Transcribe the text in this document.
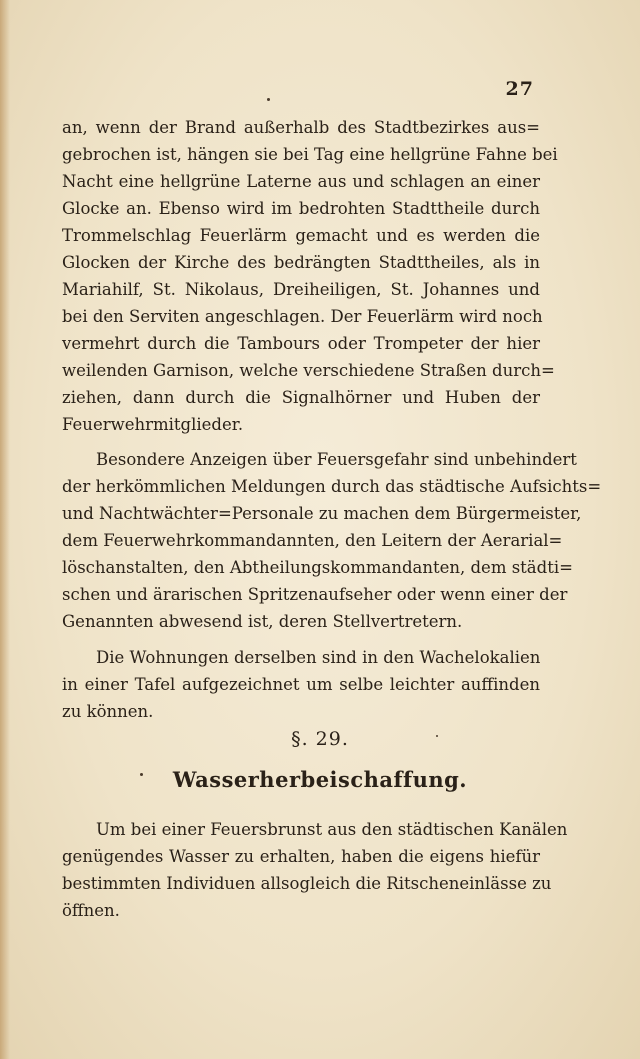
27
an, wenn der Brand außerhalb des Stadtbezirkes aus=
gebrochen ist, hängen sie bei Tag eine hellgrüne Fahne bei
Nacht eine hellgrüne Laterne aus und schlagen an einer
Glocke an. Ebenso wird im bedrohten Stadttheile durch
Trommelschlag Feuerlärm gemacht und es werden die
Glocken der Kirche des bedrängten Stadttheiles, als in
Mariahilf, St. Nikolaus, Dreiheiligen, St. Johannes und
bei den Serviten angeschlagen. Der Feuerlärm wird noch
vermehrt durch die Tambours oder Trompeter der hier
weilenden Garnison, welche verschiedene Straßen durch=
ziehen, dann durch die Signalhörner und Huben der
Feuerwehrmitglieder.
Besondere Anzeigen über Feuersgefahr sind unbehindert
der herkömmlichen Meldungen durch das städtische Aufsichts=
und Nachtwächter=Personale zu machen dem Bürgermeister,
dem Feuerwehrkommandannten, den Leitern der Aerarial=
löschanstalten, den Abtheilungskommandanten, dem städti=
schen und ärarischen Spritzenaufseher oder wenn einer der
Genannten abwesend ist, deren Stellvertretern.
Die Wohnungen derselben sind in den Wachelokalien
in einer Tafel aufgezeichnet um selbe leichter auffinden
zu können.
§. 29.
Wasserherbeischaffung.
Um bei einer Feuersbrunst aus den städtischen Kanälen
genügendes Wasser zu erhalten, haben die eigens hiefür
bestimmten Individuen allsogleich die Ritscheneinlässe zu
öffnen.
